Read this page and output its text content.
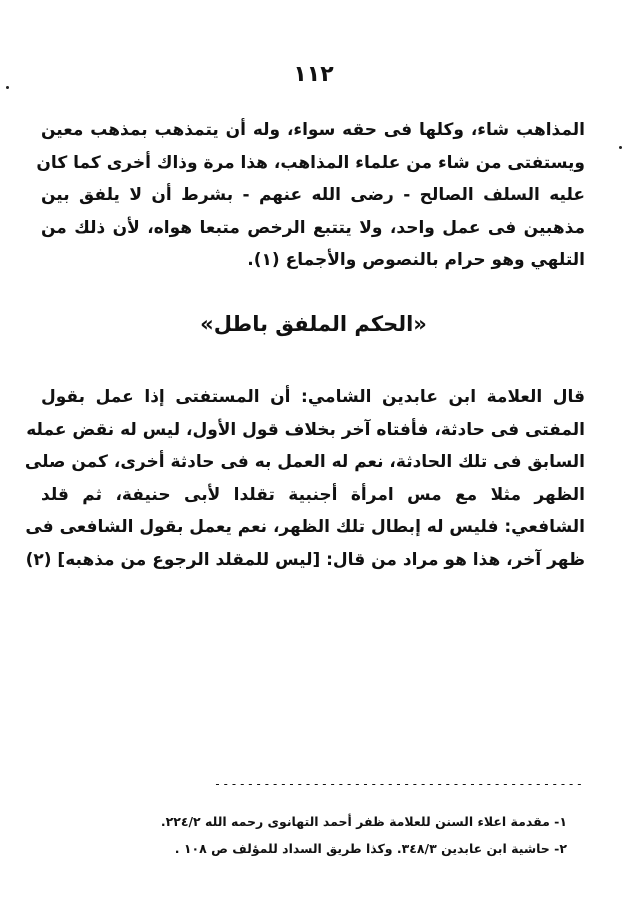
١١٢
المذاهب شاء، وكلها فى حقه سواء، وله أن يتمذهب بمذهب معين
ويستفتى من شاء من علماء المذاهب، هذا مرة وذاك أخرى كما كان
عليه السلف الصالح - رضى الله عنهم - بشرط أن لا يلفق بين
مذهبين فى عمل واحد، ولا يتتبع الرخص متبعا هواه، لأن ذلك من
التلهي وهو حرام بالنصوص والأجماع (١).
«الحكم الملفق باطل»
قال العلامة ابن عابدين الشامي: أن المستفتى إذا عمل بقول
المفتى فى حادثة، فأفتاه آخر بخلاف قول الأول، ليس له نقض عمله
السابق فى تلك الحادثة، نعم له العمل به فى حادثة أخرى، كمن صلى
الظهر مثلا مع مس امرأة أجنبية تقلدا لأبى حنيفة، ثم قلد
الشافعي: فليس له إبطال تلك الظهر، نعم يعمل بقول الشافعى فى
ظهر آخر، هذا هو مراد من قال: [ليس للمقلد الرجوع من مذهبه] (٢)
---------------------------------------------
١- مقدمة اعلاء السنن للعلامة ظفر أحمد التهانوى رحمه الله ٢٢٤/٢.
٢- حاشية ابن عابدين ٣٤٨/٣. وكذا طريق السداد للمؤلف ص ١٠٨ .
